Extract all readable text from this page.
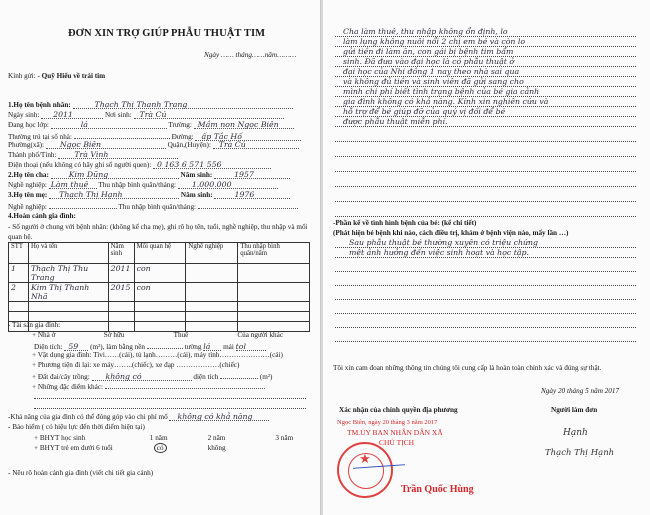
ĐƠN XIN TRỢ GIÚP PHẪU THUẬT TIM
Ngày …… tháng……năm………
Kính gửi: - Quỹ Hiểu về trái tim
1.Họ tên bệnh nhân:	Thạch Thị Thanh Trang
Ngày sinh: 2011	Nơi sinh: Trà Cú
Đang học lớp:	lá	Trường: Mầm non Ngọc Biên
Thường trú tại số nhà:	Đường: ấp Tắc Hố
Phường(xã): Ngọc Biên	Quận,(Huyện): Trà Cú
Thành phố/Tỉnh: Trà Vinh
Điện thoại (nếu không có hãy ghi số người quen): 0 163 6 571 556
2.Họ tên cha:	Kim Dũng	Năm sinh:	1957
Nghề nghiệp: Làm thuê Thu nhập bình quân/tháng: 1.000.000
3.Họ tên mẹ: Thạch Thị Hạnh	Năm sinh:	1976
Nghề nghiệp:	Thu nhập bình quân/tháng:
4.Hoàn cảnh gia đình:
- Số người ở chung với bệnh nhân: (không kể cha mẹ), ghi rõ họ tên, tuổi, nghề nghiệp, thu nhập và mối quan hệ.
STT	Họ và tên	Năm sinh	Mối quan hệ	Nghề nghiệp	Thu nhập bình quân/năm
1	Thạch Thị Thu Trang	2011	con		
2	Kim Thị Thanh Nhã	2015	con		

- Tài sản gia đình:
+ Nhà ở	Sở hữu	Thuê	Của người khác
Diện tích: 59 (m²), làm bằng nền	tường lá mái tol
+ Vật dụng gia đình: Tivi……(cái), tủ lạnh………(cái), máy tính…………………(cái)
+ Phương tiện đi lại: xe máy……..(chiếc), xe đạp ………………(chiếc)
+ Đất đai/cây trồng: không có	diện tích	(m²)
+ Những đặc điểm khác:
-Khả năng của gia đình có thể đóng góp vào chi phí mổ không có khả năng
- Bảo hiểm ( có hiệu lực đến thời điểm hiện tại)
+ BHYT học sinh	1 năm	2 năm	3 năm
+ BHYT trẻ em dưới 6 tuổi	có	không
- Nêu rõ hoàn cảnh gia đình (viết chi tiết gia cảnh)
Cha làm thuê, thu nhập không ổn định, lo
làm lụng không nuôi nổi 2 chị em bé và còn lo
gửi tiền đi làm ăn, con gái bị bệnh tim bẩm
sinh. Đã đưa vào đại học là có phẫu thuật ở
đại học của Nhi đồng 1 nay theo nhà sai qua
và không đủ tiền và sinh viên đã gửi sang cho
mình chi phí biết tình trạng bệnh của bé gia cảnh
gia đình không có khả năng. Kính xin nghiên cứu và
hỗ trợ để bé giúp đỡ của quý vị đối để bé
được phẫu thuật miễn phí.
-Phần kể về tình hình bệnh của bé: (kể chi tiết)
(Phát hiện bé bệnh khi nào, cách điều trị, khám ở bệnh viện nào, mấy lần …)
Sau phẫu thuật bé thường xuyên có triệu chứng
mệt ảnh hưởng đến việc sinh hoạt và học tập.
Tôi xin cam đoan những thông tin chúng tôi cung cấp là hoàn toàn chính xác và đúng sự thật.
Ngày 20 tháng 5 năm 2017
Xác nhận của chính quyền địa phương	Người làm đơn
Ngọc Biên, ngày 20 tháng 3 năm 2017
TM.ỦY BAN NHÂN DÂN XÃ
CHỦ TỊCH
★
Trần Quốc Hùng
Hạnh
Thạch Thị Hạnh
